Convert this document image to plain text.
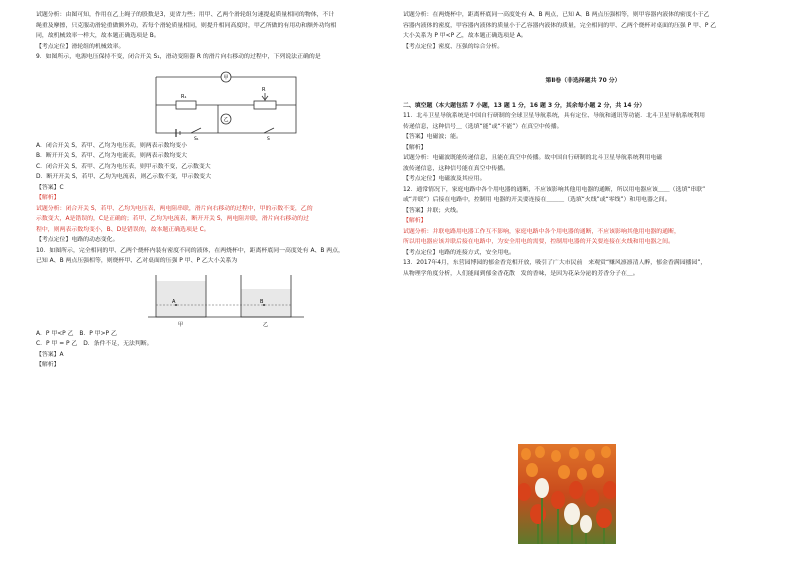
试题分析：由图可知，作用在乙上绳子的股数是3，更省力些；用甲、乙两个滑轮组匀速提起质量相同的物体，不计
绳重及摩擦，只克服动滑轮重做额外功，若每个滑轮质量相同，则提升相同高度时，甲乙所做的有用功和额外功均相
同，故机械效率一样大，故本题正确选项是 B。
【考点定位】滑轮组的机械效率。
9．如图所示，电源电压保持不变，闭合开关 S₁，滑动变阻器 R 的滑片向右移动的过程中，下列说法正确的是
甲
乙
R₁
R
S₁	S
A．闭合开关 S，若甲、乙均为电压表，则两表示数均变小
B．断开开关 S，若甲、乙均为电流表，则两表示数均变大
C．闭合开关 S，若甲、乙均为电压表，则甲示数不变，乙示数变大
D．断开开关 S，若甲、乙均为电流表，则乙示数不变，甲示数变大
【答案】C
【解析】
试题分析：闭合开关 S，若甲、乙均为电压表，两电阻串联，滑片向右移动的过程中，甲的示数不变，乙的
示数变大，A是错误的，C是正确的；若甲、乙均为电流表，断开开关 S，两电阻并联，滑片向右移动的过
程中，则两表示数均变小，B、D是错误的，故本题正确选项是 C。
【考点定位】电路的动态变化。
10．如图所示，完全相同的甲、乙两个烧杯内装有密度不同的液体，在两烧杯中，距离杯底同一高度处有 A、B 两点，
已知 A、B 两点压强相等，则烧杯甲、乙对桌面的压强 P 甲、P 乙大小关系为
A	B
甲	乙
A．P 甲<P 乙　B．P 甲>P 乙
C．P 甲 = P 乙　D．条件不足，无法判断。
【答案】A
【解析】
试题分析：在两烧杯中，距离杯底同一高度处有 A、B 两点，已知 A、B 两点压强相等，则甲容器内液体的密度小于乙
容器内液体的密度，甲容器内液体的质量小于乙容器内液体的质量，完全相同的甲、乙两个烧杯对桌面的压强 P 甲、P 乙
大小关系为 P 甲<P 乙，故本题正确选项是 A。
【考点定位】密度、压强的综合分析。
第Ⅱ卷（非选择题共 70 分）
二、填空题（本大题包括 7 小题，13 题 1 分，16 题 3 分，其余每小题 2 分，共 14 分）
11．北斗卫星导航系统是中国自行研制的全球卫星导航系统，具有定位、导航和通讯等功能．北斗卫星导航系统利用
传递信息，这种信号＿（选填“能”或“不能”）在真空中传播。
【答案】电磁波；能。
【解析】
试题分析：电磁波既能传递信息，且能在真空中传播。故中国自行研制的北斗卫星导航系统利用电磁
波传递信息，这种信号能在真空中传播。
【考点定位】电磁波及其应用。
12．通常情况下，家庭电路中各个用电器的通断，不应该影响其他用电器的通断，所以用电器应该＿＿（选填“串联”
或“并联”）后接在电路中，控制用 电器的开关要连接在＿＿＿（选填“火线”或“零线”）和用电器之间。
【答案】并联；火线。
【解析】
试题分析：并联电路用电器工作互不影响，家庭电路中各个用电器的通断，不应该影响其他用电器的通断，
所以用电器应该并联后接在电路中，为安全用电的需要，控制用电器的开关要连接在火线和用电器之间。
【考点定位】电路的连接方式，安全用电。
13．2017年4月，东营园博园的郁金香竞相开放，吸引了广大市民前　来观赏“赚风凛凛清人醉，郁金香满园播园”，
从物理学角度分析，人们能闻到郁金香花散　发的香味，是因为花朵分泌的芳香分子在＿。
